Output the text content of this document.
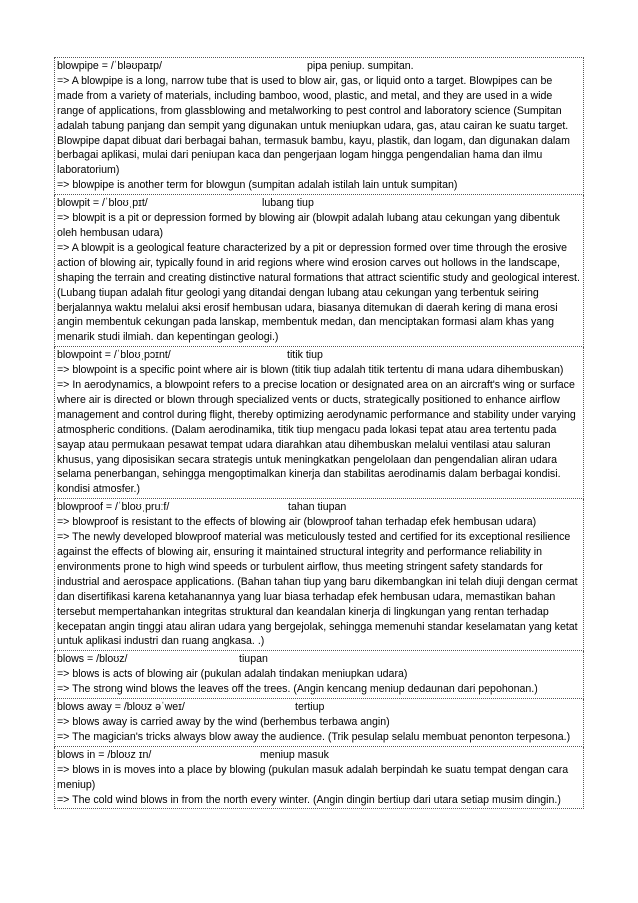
blowpipe = /ˈbləʊpaɪp/	pipa peniup. sumpitan.

=> A blowpipe is a long, narrow tube that is used to blow air, gas, or liquid onto a target. Blowpipes can be made from a variety of materials, including bamboo, wood, plastic, and metal, and they are used in a wide range of applications, from glassblowing and metalworking to pest control and laboratory science (Sumpitan adalah tabung panjang dan sempit yang digunakan untuk meniupkan udara, gas, atau cairan ke suatu target. Blowpipe dapat dibuat dari berbagai bahan, termasuk bambu, kayu, plastik, dan logam, dan digunakan dalam berbagai aplikasi, mulai dari peniupan kaca dan pengerjaan logam hingga pengendalian hama dan ilmu laboratorium)

=> blowpipe is another term for blowgun (sumpitan adalah istilah lain untuk sumpitan)

blowpit = /ˈbloʊˌpɪt/	lubang tiup

=> blowpit is a pit or depression formed by blowing air (blowpit adalah lubang atau cekungan yang dibentuk oleh hembusan udara)

=> A blowpit is a geological feature characterized by a pit or depression formed over time through the erosive action of blowing air, typically found in arid regions where wind erosion carves out hollows in the landscape, shaping the terrain and creating distinctive natural formations that attract scientific study and geological interest. (Lubang tiupan adalah fitur geologi yang ditandai dengan lubang atau cekungan yang terbentuk seiring berjalannya waktu melalui aksi erosif hembusan udara, biasanya ditemukan di daerah kering di mana erosi angin membentuk cekungan pada lanskap, membentuk medan, dan menciptakan formasi alam khas yang menarik studi ilmiah. dan kepentingan geologi.)

blowpoint = /ˈbloʊˌpɔɪnt/	titik tiup

=> blowpoint is a specific point where air is blown (titik tiup adalah titik tertentu di mana udara dihembuskan)

=> In aerodynamics, a blowpoint refers to a precise location or designated area on an aircraft's wing or surface where air is directed or blown through specialized vents or ducts, strategically positioned to enhance airflow management and control during flight, thereby optimizing aerodynamic performance and stability under varying atmospheric conditions. (Dalam aerodinamika, titik tiup mengacu pada lokasi tepat atau area tertentu pada sayap atau permukaan pesawat tempat udara diarahkan atau dihembuskan melalui ventilasi atau saluran khusus, yang diposisikan secara strategis untuk meningkatkan pengelolaan dan pengendalian aliran udara selama penerbangan, sehingga mengoptimalkan kinerja dan stabilitas aerodinamis dalam berbagai kondisi. kondisi atmosfer.)

blowproof = /ˈbloʊˌpruːf/	tahan tiupan

=> blowproof is resistant to the effects of blowing air (blowproof tahan terhadap efek hembusan udara)

=> The newly developed blowproof material was meticulously tested and certified for its exceptional resilience against the effects of blowing air, ensuring it maintained structural integrity and performance reliability in environments prone to high wind speeds or turbulent airflow, thus meeting stringent safety standards for industrial and aerospace applications. (Bahan tahan tiup yang baru dikembangkan ini telah diuji dengan cermat dan disertifikasi karena ketahanannya yang luar biasa terhadap efek hembusan udara, memastikan bahan tersebut mempertahankan integritas struktural dan keandalan kinerja di lingkungan yang rentan terhadap kecepatan angin tinggi atau aliran udara yang bergejolak, sehingga memenuhi standar keselamatan yang ketat untuk aplikasi industri dan ruang angkasa. .)

blows = /bloʊz/	tiupan

=> blows is acts of blowing air (pukulan adalah tindakan meniupkan udara)

=> The strong wind blows the leaves off the trees. (Angin kencang meniup dedaunan dari pepohonan.)

blows away = /bloʊz əˈweɪ/	tertiup

=> blows away is carried away by the wind (berhembus terbawa angin)

=> The magician's tricks always blow away the audience. (Trik pesulap selalu membuat penonton terpesona.)

blows in = /bloʊz ɪn/	meniup masuk

=> blows in is moves into a place by blowing (pukulan masuk adalah berpindah ke suatu tempat dengan cara meniup)

=> The cold wind blows in from the north every winter. (Angin dingin bertiup dari utara setiap musim dingin.)
